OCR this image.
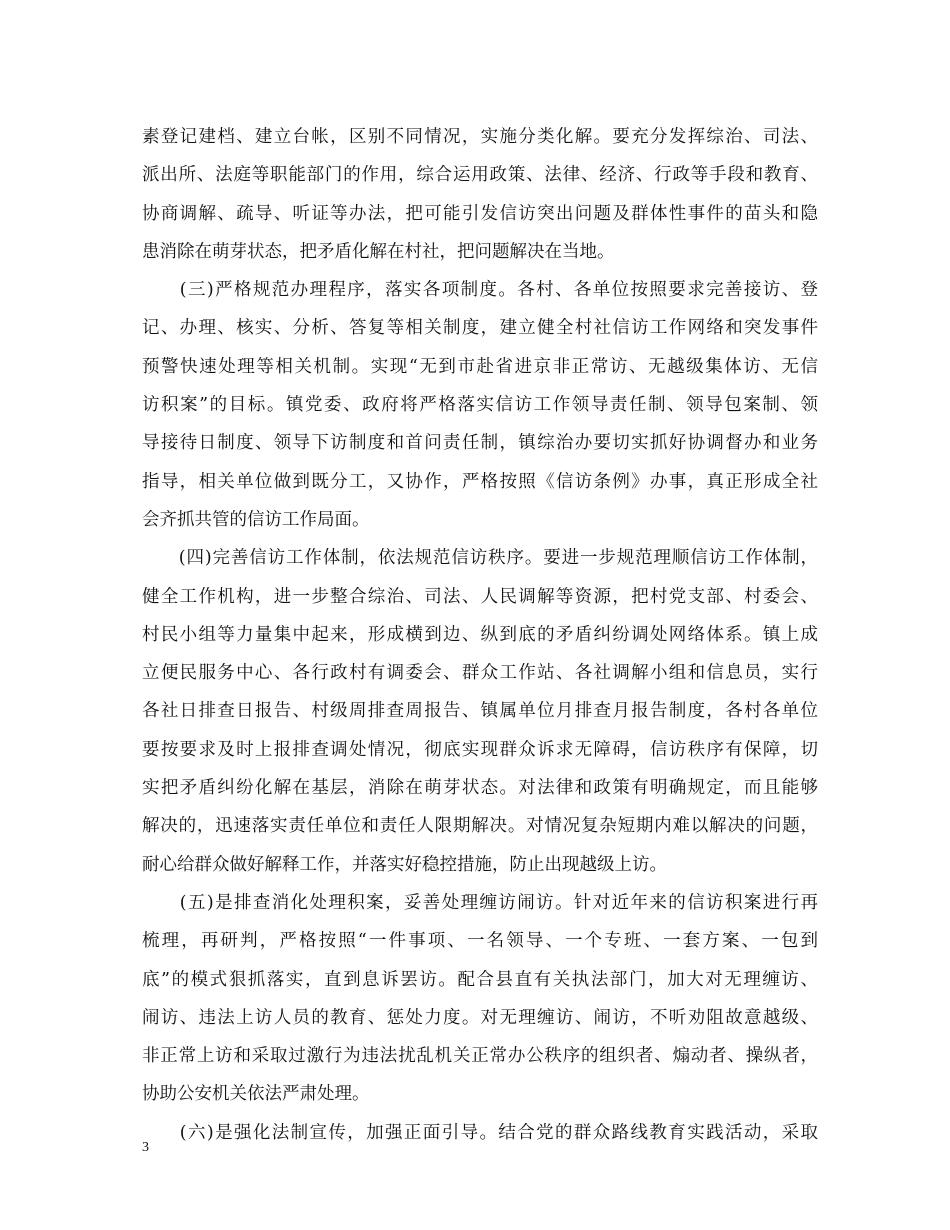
素登记建档、建立台帐，区别不同情况，实施分类化解。要充分发挥综治、司法、
派出所、法庭等职能部门的作用，综合运用政策、法律、经济、行政等手段和教育、
协商调解、疏导、听证等办法，把可能引发信访突出问题及群体性事件的苗头和隐
患消除在萌芽状态，把矛盾化解在村社，把问题解决在当地。
　　(三)严格规范办理程序，落实各项制度。各村、各单位按照要求完善接访、登
记、办理、核实、分析、答复等相关制度，建立健全村社信访工作网络和突发事件
预警快速处理等相关机制。实现“无到市赴省进京非正常访、无越级集体访、无信
访积案”的目标。镇党委、政府将严格落实信访工作领导责任制、领导包案制、领
导接待日制度、领导下访制度和首问责任制，镇综治办要切实抓好协调督办和业务
指导，相关单位做到既分工，又协作，严格按照《信访条例》办事，真正形成全社
会齐抓共管的信访工作局面。
　　(四)完善信访工作体制，依法规范信访秩序。要进一步规范理顺信访工作体制，
健全工作机构，进一步整合综治、司法、人民调解等资源，把村党支部、村委会、
村民小组等力量集中起来，形成横到边、纵到底的矛盾纠纷调处网络体系。镇上成
立便民服务中心、各行政村有调委会、群众工作站、各社调解小组和信息员，实行
各社日排查日报告、村级周排查周报告、镇属单位月排查月报告制度，各村各单位
要按要求及时上报排查调处情况，彻底实现群众诉求无障碍，信访秩序有保障，切
实把矛盾纠纷化解在基层，消除在萌芽状态。对法律和政策有明确规定，而且能够
解决的，迅速落实责任单位和责任人限期解决。对情况复杂短期内难以解决的问题，
耐心给群众做好解释工作，并落实好稳控措施，防止出现越级上访。
　　(五)是排查消化处理积案，妥善处理缠访闹访。针对近年来的信访积案进行再
梳理，再研判，严格按照“一件事项、一名领导、一个专班、一套方案、一包到
底”的模式狠抓落实，直到息诉罢访。配合县直有关执法部门，加大对无理缠访、
闹访、违法上访人员的教育、惩处力度。对无理缠访、闹访，不听劝阻故意越级、
非正常上访和采取过激行为违法扰乱机关正常办公秩序的组织者、煽动者、操纵者，
协助公安机关依法严肃处理。
　　(六)是强化法制宣传，加强正面引导。结合党的群众路线教育实践活动，采取
3
